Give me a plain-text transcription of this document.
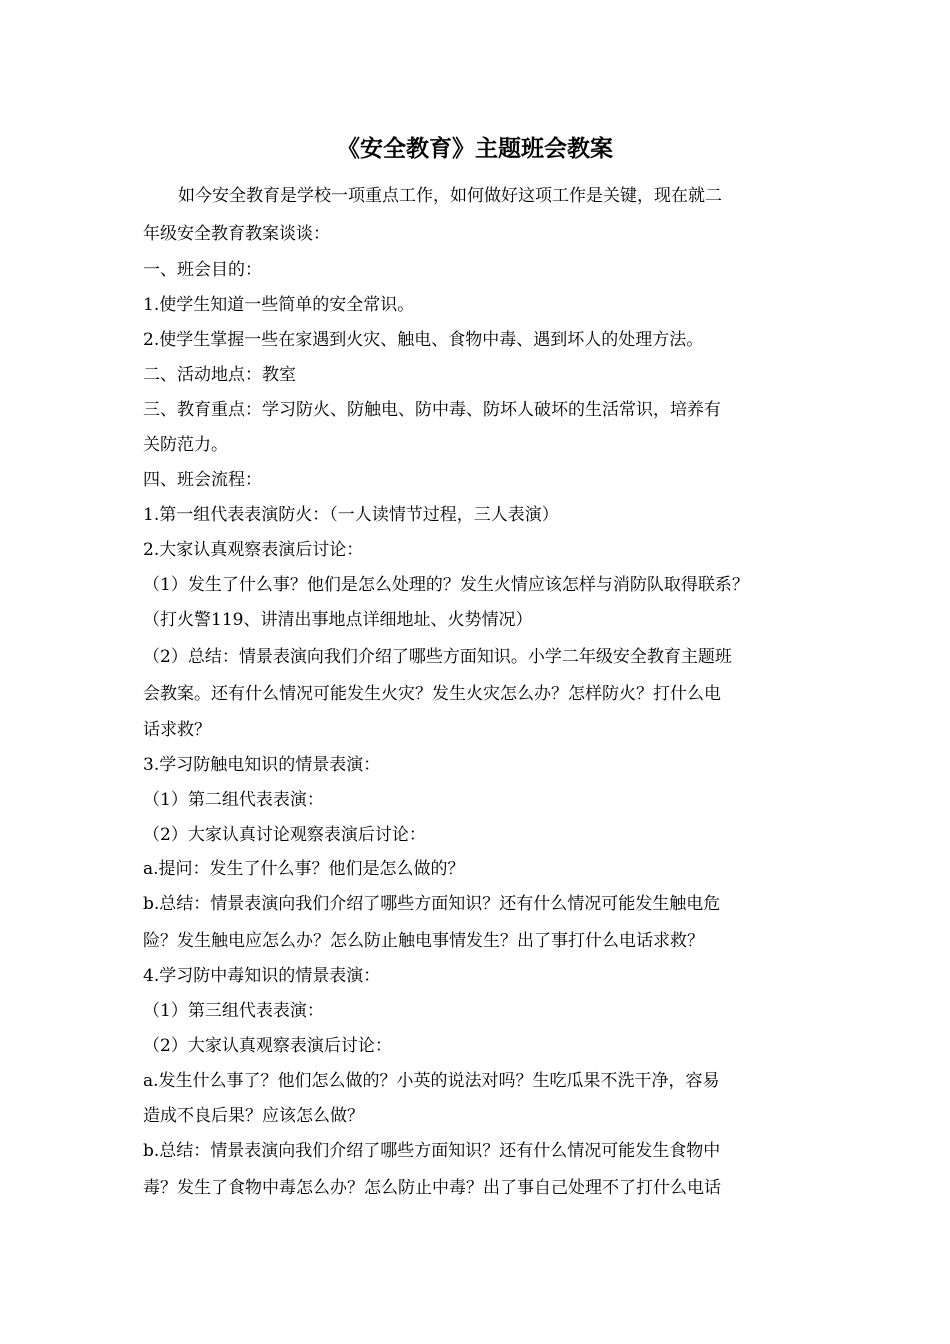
《安全教育》主题班会教案
如今安全教育是学校一项重点工作，如何做好这项工作是关键，现在就二
年级安全教育教案谈谈：
一、班会目的：
1.使学生知道一些简单的安全常识。
2.使学生掌握一些在家遇到火灾、触电、食物中毒、遇到坏人的处理方法。
二、活动地点：教室
三、教育重点：学习防火、防触电、防中毒、防坏人破坏的生活常识，培养有
关防范力。
四、班会流程：
1.第一组代表表演防火：（一人读情节过程，三人表演）
2.大家认真观察表演后讨论：
（1）发生了什么事？他们是怎么处理的？发生火情应该怎样与消防队取得联系？
（打火警119、讲清出事地点详细地址、火势情况）
（2）总结：情景表演向我们介绍了哪些方面知识。小学二年级安全教育主题班
会教案。还有什么情况可能发生火灾？发生火灾怎么办？怎样防火？打什么电
话求救？
3.学习防触电知识的情景表演：
（1）第二组代表表演：
（2）大家认真讨论观察表演后讨论：
a.提问：发生了什么事？他们是怎么做的？
b.总结：情景表演向我们介绍了哪些方面知识？还有什么情况可能发生触电危
险？发生触电应怎么办？怎么防止触电事情发生？出了事打什么电话求救？
4.学习防中毒知识的情景表演：
（1）第三组代表表演：
（2）大家认真观察表演后讨论：
a.发生什么事了？他们怎么做的？小英的说法对吗？生吃瓜果不洗干净，容易
造成不良后果？应该怎么做？
b.总结：情景表演向我们介绍了哪些方面知识？还有什么情况可能发生食物中
毒？发生了食物中毒怎么办？怎么防止中毒？出了事自己处理不了打什么电话
